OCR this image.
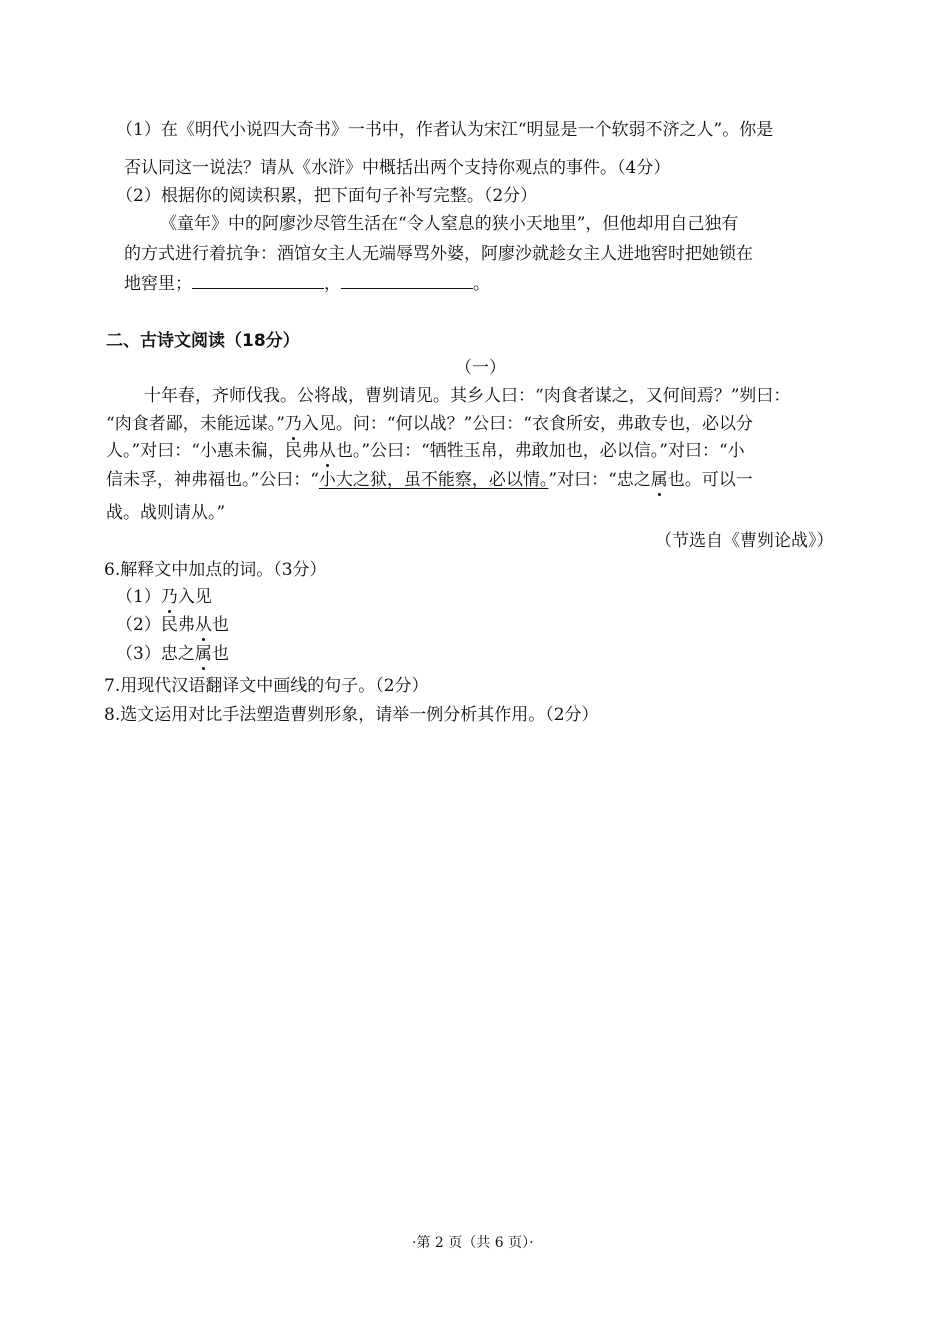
（1）在《明代小说四大奇书》一书中，作者认为宋江“明显是一个软弱不济之人”。你是
否认同这一说法？请从《水浒》中概括出两个支持你观点的事件。（4分）
（2）根据你的阅读积累，把下面句子补写完整。（2分）
《童年》中的阿廖沙尽管生活在“令人窒息的狭小天地里”，但他却用自己独有
的方式进行着抗争：酒馆女主人无端辱骂外婆，阿廖沙就趁女主人进地窖时把她锁在
地窖里；	，	。
二、古诗文阅读（18分）
（一）
十年春，齐师伐我。公将战，曹刿请见。其乡人曰：“肉食者谋之，又何间焉？”刿曰：
“肉食者鄙，未能远谋。”乃入见。问：“何以战？”公曰：“衣食所安，弗敢专也，必以分
人。”对曰：“小惠未徧，民弗从也。”公曰：“牺牲玉帛，弗敢加也，必以信。”对曰：“小
信未孚，神弗福也。”公曰：“小大之狱，虽不能察，必以情。”对曰：“忠之属也。可以一
战。战则请从。”
（节选自《曹刿论战》）
6.解释文中加点的词。（3分）
（1）乃入见
（2）民弗从也
（3）忠之属也
7.用现代汉语翻译文中画线的句子。（2分）
8.选文运用对比手法塑造曹刿形象，请举一例分析其作用。（2分）
·第 2 页（共 6 页）·
